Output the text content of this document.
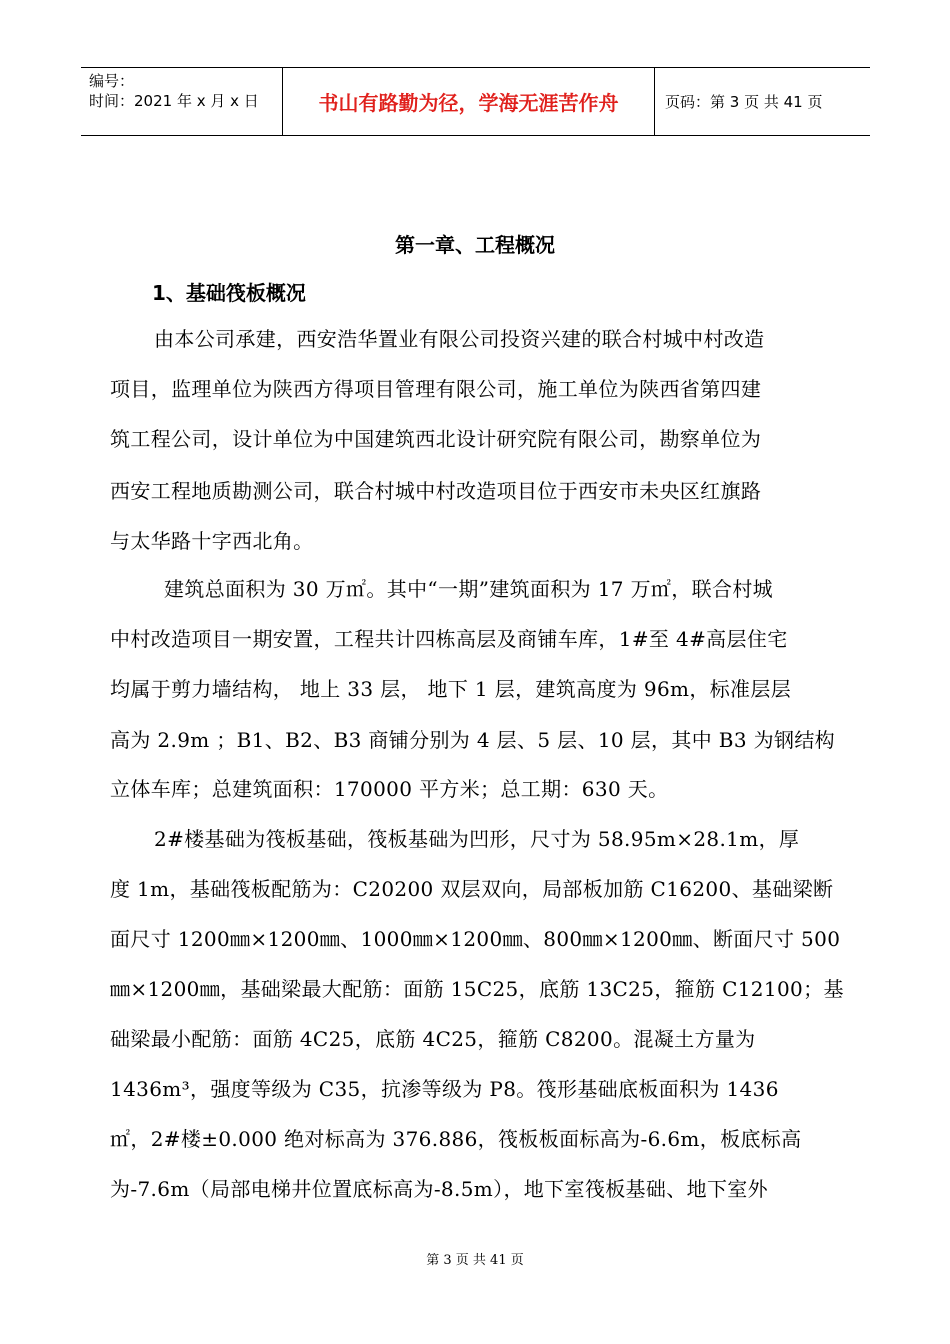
编号：
时间：2021 年 x 月 x 日	书山有路勤为径，学海无涯苦作舟	页码：第 3 页 共 41 页
第一章、工程概况
1、基础筏板概况
由本公司承建，西安浩华置业有限公司投资兴建的联合村城中村改造
项目，监理单位为陕西方得项目管理有限公司，施工单位为陕西省第四建
筑工程公司，设计单位为中国建筑西北设计研究院有限公司，勘察单位为
西安工程地质勘测公司，联合村城中村改造项目位于西安市未央区红旗路
与太华路十字西北角。
建筑总面积为 30 万㎡。其中“一期”建筑面积为 17 万㎡，联合村城
中村改造项目一期安置，工程共计四栋高层及商铺车库，1#至 4#高层住宅
均属于剪力墙结构， 地上 33 层， 地下 1 层，建筑高度为 96m，标准层层
高为 2.9m ；B1、B2、B3 商铺分别为 4 层、5 层、10 层，其中 B3 为钢结构
立体车库；总建筑面积：170000 平方米；总工期：630 天。
2#楼基础为筏板基础，筏板基础为凹形，尺寸为 58.95m×28.1m，厚
度 1m，基础筏板配筋为：C20200 双层双向，局部板加筋 C16200、基础梁断
面尺寸 1200㎜×1200㎜、1000㎜×1200㎜、800㎜×1200㎜、断面尺寸 500
㎜×1200㎜，基础梁最大配筋：面筋 15C25，底筋 13C25，箍筋 C12100；基
础梁最小配筋：面筋 4C25，底筋 4C25，箍筋 C8200。混凝土方量为
1436m³，强度等级为 C35，抗渗等级为 P8。筏形基础底板面积为 1436
㎡，2#楼±0.000 绝对标高为 376.886，筏板板面标高为-6.6m，板底标高
为-7.6m（局部电梯井位置底标高为-8.5m），地下室筏板基础、地下室外
第 3 页 共 41 页
